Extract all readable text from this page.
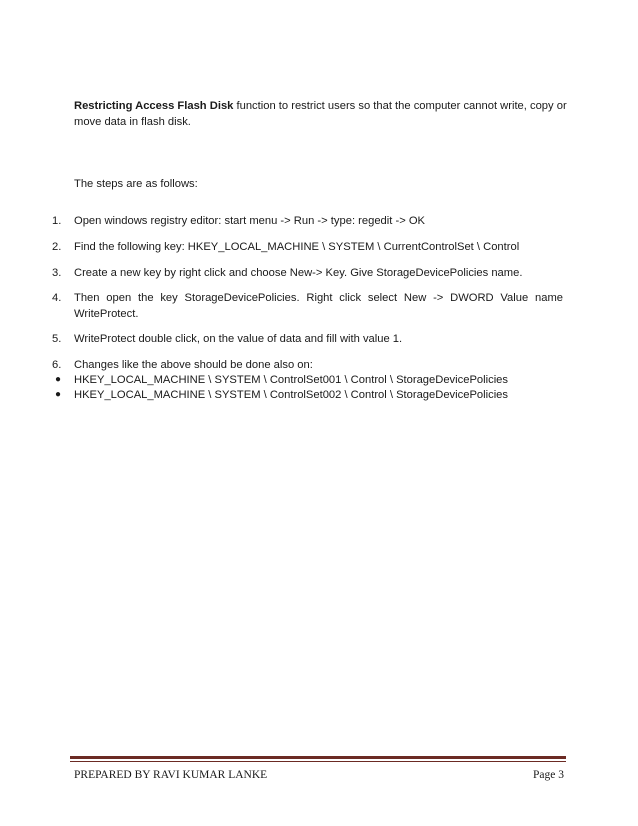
Restricting Access Flash Disk function to restrict users so that the computer cannot write, copy or move data in flash disk.

The steps are as follows:

1.	Open windows registry editor: start menu -> Run -> type: regedit -> OK
2.	Find the following key: HKEY_LOCAL_MACHINE \ SYSTEM \ CurrentControlSet \ Control
3.	Create a new key by right click and choose New-> Key. Give StorageDevicePolicies name.
4.	Then open the key StorageDevicePolicies. Right click select New -> DWORD Value name
WriteProtect.
5.	WriteProtect double click, on the value of data and fill with value 1.
6.	Changes like the above should be done also on:
●	HKEY_LOCAL_MACHINE \ SYSTEM \ ControlSet001 \ Control \ StorageDevicePolicies
●	HKEY_LOCAL_MACHINE \ SYSTEM \ ControlSet002 \ Control \ StorageDevicePolicies
PREPARED BY RAVI KUMAR LANKE	Page 3
